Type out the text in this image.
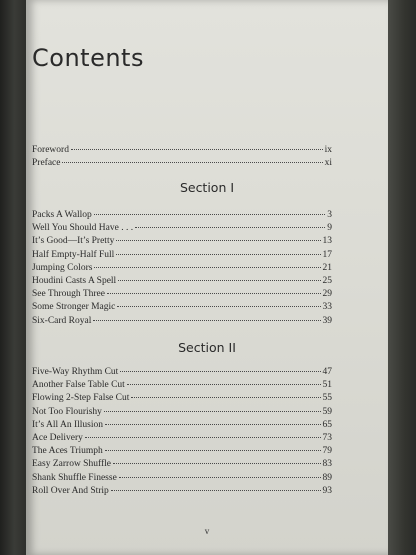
Contents
Foreword	ix
Preface	xi
Section I
Packs A Wallop	3
Well You Should Have . . .	9
It’s Good—It’s Pretty	13
Half Empty-Half Full	17
Jumping Colors	21
Houdini Casts A Spell	25
See Through Three	29
Some Stronger Magic	33
Six-Card Royal	39
Section II
Five-Way Rhythm Cut	47
Another False Table Cut	51
Flowing 2-Step False Cut	55
Not Too Flourishy	59
It’s All An Illusion	65
Ace Delivery	73
The Aces Triumph	79
Easy Zarrow Shuffle	83
Shank Shuffle Finesse	89
Roll Over And Strip	93
v
